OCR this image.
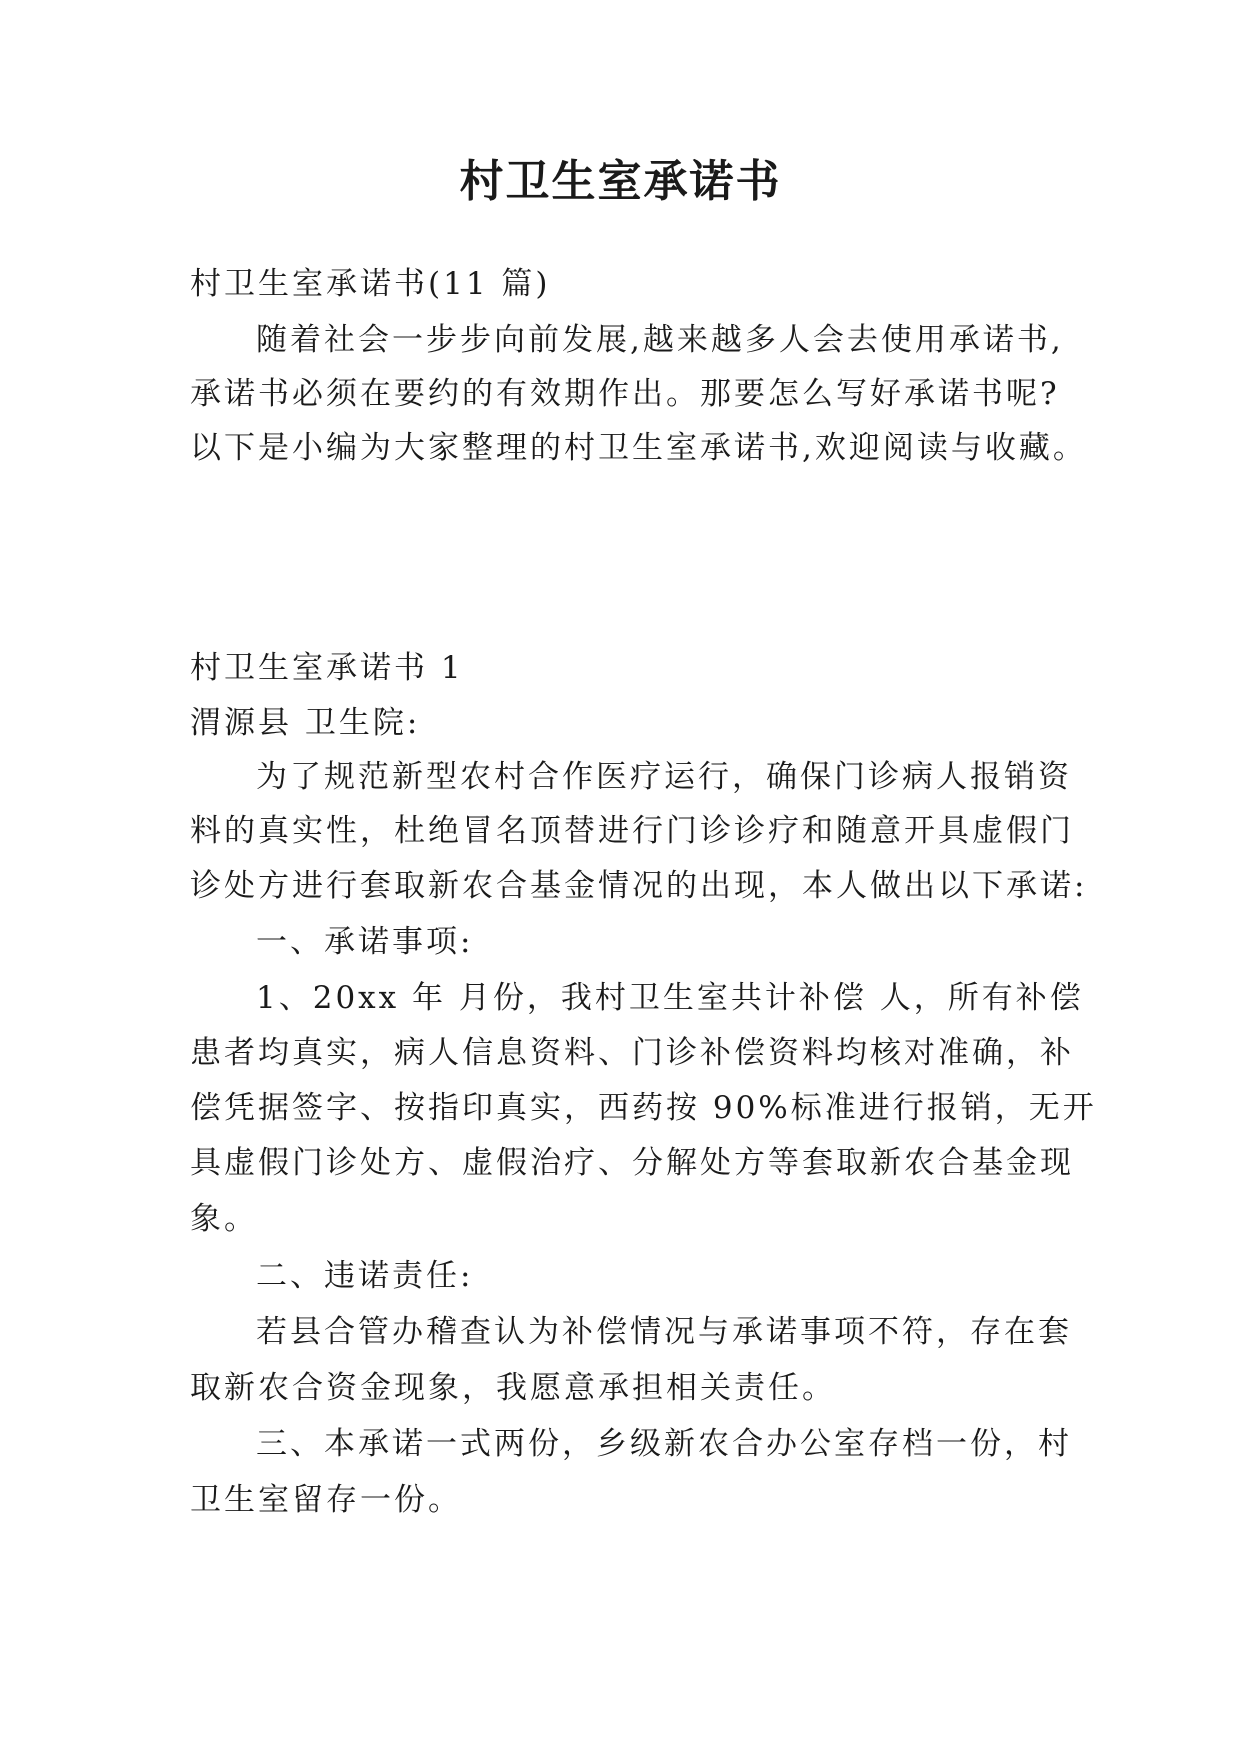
村卫生室承诺书
村卫生室承诺书(11 篇)
随着社会一步步向前发展,越来越多人会去使用承诺书,
承诺书必须在要约的有效期作出。那要怎么写好承诺书呢?
以下是小编为大家整理的村卫生室承诺书,欢迎阅读与收藏。
村卫生室承诺书 1
渭源县 卫生院:
为了规范新型农村合作医疗运行，确保门诊病人报销资
料的真实性，杜绝冒名顶替进行门诊诊疗和随意开具虚假门
诊处方进行套取新农合基金情况的出现，本人做出以下承诺:
一、承诺事项:
1、20xx 年 月份，我村卫生室共计补偿 人，所有补偿
患者均真实，病人信息资料、门诊补偿资料均核对准确，补
偿凭据签字、按指印真实，西药按 90%标准进行报销，无开
具虚假门诊处方、虚假治疗、分解处方等套取新农合基金现
象。
二、违诺责任:
若县合管办稽查认为补偿情况与承诺事项不符，存在套
取新农合资金现象，我愿意承担相关责任。
三、本承诺一式两份，乡级新农合办公室存档一份，村
卫生室留存一份。
